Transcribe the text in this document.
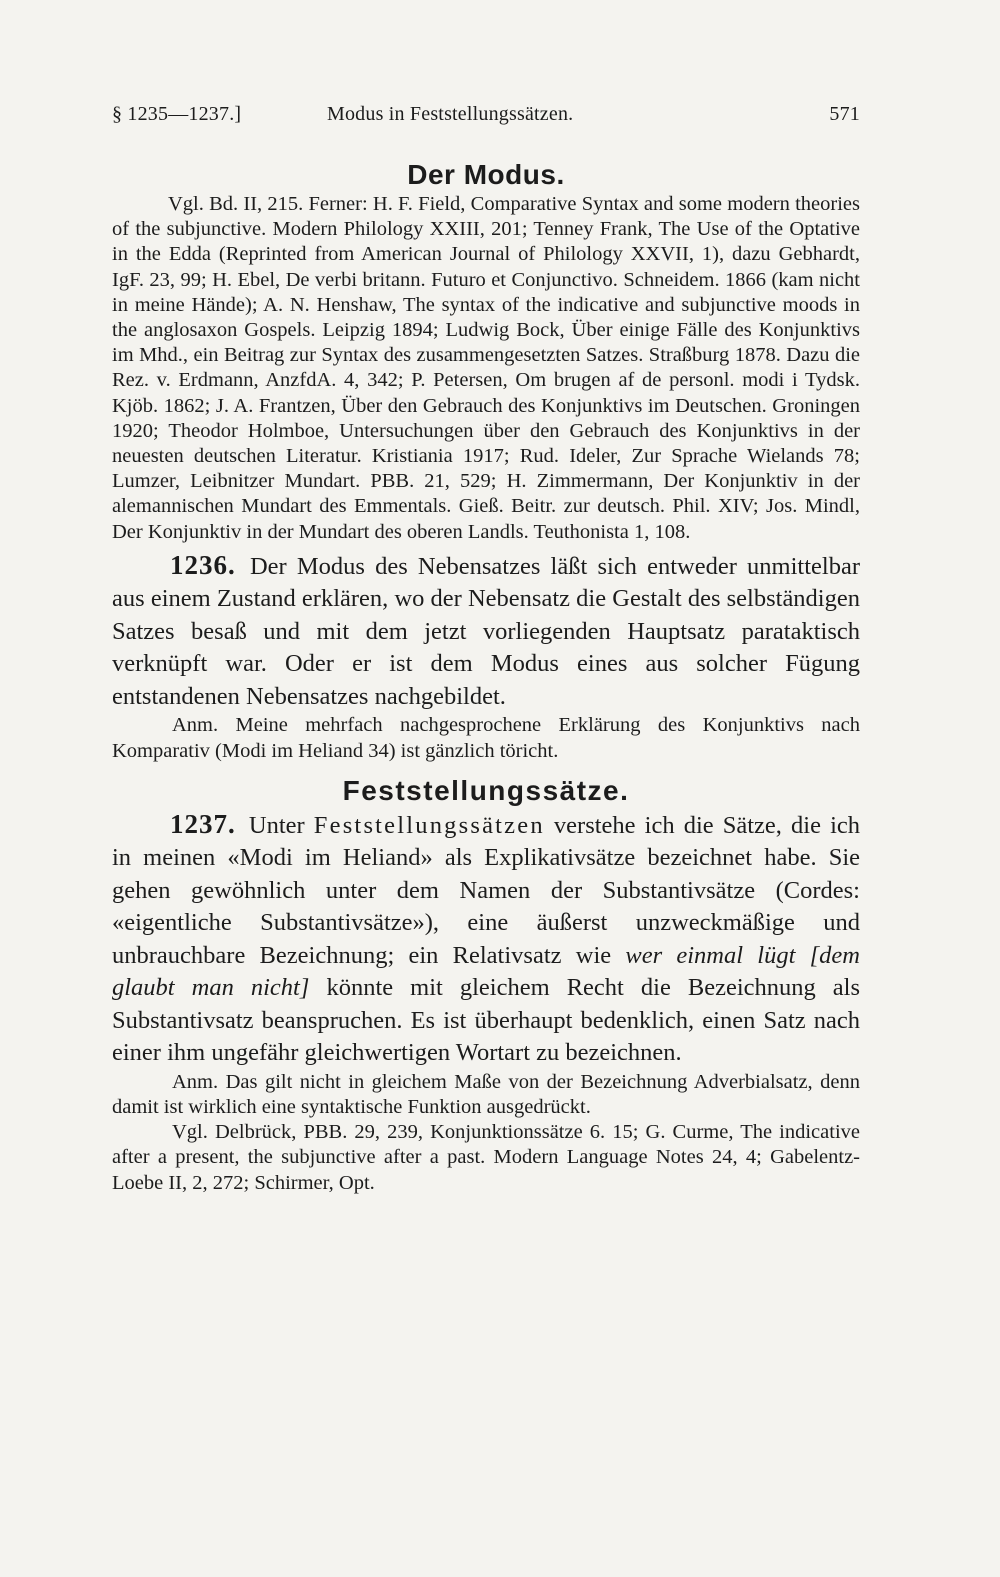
§ 1235—1237.]	Modus in Feststellungssätzen.	571
Der Modus.

Vgl. Bd. II, 215. Ferner: H. F. Field, Comparative Syntax and some modern theories of the subjunctive. Modern Philology XXIII, 201; Tenney Frank, The Use of the Optative in the Edda (Reprinted from American Journal of Philology XXVII, 1), dazu Gebhardt, IgF. 23, 99; H. Ebel, De verbi britann. Futuro et Conjunctivo. Schneidem. 1866 (kam nicht in meine Hände); A. N. Henshaw, The syntax of the indicative and subjunctive moods in the anglosaxon Gospels. Leipzig 1894; Ludwig Bock, Über einige Fälle des Konjunktivs im Mhd., ein Beitrag zur Syntax des zusammengesetzten Satzes. Straßburg 1878. Dazu die Rez. v. Erdmann, AnzfdA. 4, 342; P. Petersen, Om brugen af de personl. modi i Tydsk. Kjöb. 1862; J. A. Frantzen, Über den Gebrauch des Konjunktivs im Deutschen. Groningen 1920; Theodor Holmboe, Untersuchungen über den Gebrauch des Konjunktivs in der neuesten deutschen Literatur. Kristiania 1917; Rud. Ideler, Zur Sprache Wielands 78; Lumzer, Leibnitzer Mundart. PBB. 21, 529; H. Zimmermann, Der Konjunktiv in der alemannischen Mundart des Emmentals. Gieß. Beitr. zur deutsch. Phil. XIV; Jos. Mindl, Der Konjunktiv in der Mundart des oberen Landls. Teuthonista 1, 108.

1236. Der Modus des Nebensatzes läßt sich entweder unmittelbar aus einem Zustand erklären, wo der Nebensatz die Gestalt des selbständigen Satzes besaß und mit dem jetzt vorliegenden Hauptsatz parataktisch verknüpft war. Oder er ist dem Modus eines aus solcher Fügung entstandenen Nebensatzes nachgebildet.

Anm. Meine mehrfach nachgesprochene Erklärung des Konjunktivs nach Komparativ (Modi im Heliand 34) ist gänzlich töricht.

Feststellungssätze.

1237. Unter Feststellungssätzen verstehe ich die Sätze, die ich in meinen «Modi im Heliand» als Explikativsätze bezeichnet habe. Sie gehen gewöhnlich unter dem Namen der Substantivsätze (Cordes: «eigentliche Substantivsätze»), eine äußerst unzweckmäßige und unbrauchbare Bezeichnung; ein Relativsatz wie wer einmal lügt [dem glaubt man nicht] könnte mit gleichem Recht die Bezeichnung als Substantivsatz beanspruchen. Es ist überhaupt bedenklich, einen Satz nach einer ihm ungefähr gleichwertigen Wortart zu bezeichnen.

Anm. Das gilt nicht in gleichem Maße von der Bezeichnung Adverbialsatz, denn damit ist wirklich eine syntaktische Funktion ausgedrückt.

Vgl. Delbrück, PBB. 29, 239, Konjunktionssätze 6. 15; G. Curme, The indicative after a present, the subjunctive after a past. Modern Language Notes 24, 4; Gabelentz-Loebe II, 2, 272; Schirmer, Opt.
